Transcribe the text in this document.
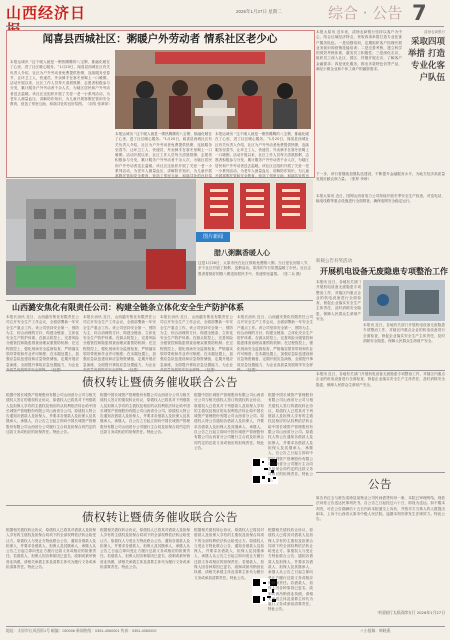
山西经济日	2026年1月27日 星期二	综合 · 公告 7
闻喜县西城社区：粥暖户外劳动者 情系社区老少心
本报运城讯 “这个暖人就是一粥热腾腾的八宝粥，都融化暖在了心里，进了社区暖心服务。”1月20日，闻喜县西城社区有关负责人介绍，社区为户外劳动者免费提供热粥，连续服务至春节，让环卫工人、快递员、外卖骑手在寒冬里喝上一口暖粥。活动开展以来，社区工作人员每天清晨熬粥，志愿者积极参与分发，累计服务户外劳动者千余人次，为辖区居民和户外劳动者送去温暖。该社区还组织开展了关爱一老一小系列活动，为老年人测量血压、讲解防诈知识，为儿童开展寒假托管和安全教育，营造了邻里互助、和谐共处的良好氛围。（刘茂 张翠萍）
本报运城讯 “这个暖人就是一粥热腾腾的八宝粥，都融化暖在了心里，进了社区暖心服务。”1月20日，闻喜县西城社区有关负责人介绍，社区为户外劳动者免费提供热粥，连续服务至春节，让环卫工人、快递员、外卖骑手在寒冬里喝上一口暖粥。活动开展以来，社区工作人员每天清晨熬粥，志愿者积极参与分发，累计服务户外劳动者千余人次，为辖区居民和户外劳动者送去温暖。该社区还组织开展了关爱一老一小系列活动，为老年人测量血压、讲解防诈知识，为儿童开展寒假托管和安全教育，营造了邻里互助、和谐共处的良好氛
本报运城讯 “这个暖人就是一粥热腾腾的八宝粥，都融化暖在了心里，进了社区暖心服务。”1月20日，闻喜县西城社区有关负责人介绍，社区为户外劳动者免费提供热粥，连续服务至春节，让环卫工人、快递员、外卖骑手在寒冬里喝上一口暖粥。活动开展以来，社区工作人员每天清晨熬粥，志愿者积极参与分发，累计服务户外劳动者千余人次，为辖区居民和户外劳动者送去温暖。该社区还组织开展了关爱一老一小系列活动，为老年人测量血压、讲解防诈知识，为儿童开展寒假托管和安全教育，营造了邻里互助、和谐共处的良
图片新闻
腊八粥飘香暖人心
这是1月26日，太原市民在社区领取免费腊八粥。当日是农历腊八节，多个社区开展了熬粥、送粥活动，浓浓的节日氛围温暖了市民。社区志愿者将熬好的腊八粥送到居民手中，传递邻里温情。（张二兵 摄）
清徐农商银行
采取四项举措 打造专业化客户队伍
本报太原讯 近年来，清徐农商银行坚持以客户为中心，结合区域经济特点，采取四项举措打造专业化客户服务队伍。一是加强培训，定期组织客户经理开展业务知识和营销技能培训；二是完善考核，建立科学的绩效考核体系，激发员工积极性；三是深化走访，组织员工深入社区、园区、村镇开展走访，了解客户金融需求；四是优化服务，推出多款特色信贷产品，满足小微企业和个体工商户的融资需求。
下一步，该行将继续加强队伍建设，不断提升金融服务水平，为地方经济高质量发展贡献农商力量。（张梓 李珍）
本报太原讯 近日，国网山西省电力公司持续开展冬季安全生产检查，对变电站、输电线路等重点设施进行全面排查，确保电网安全稳定运行。
转载公告有奖活动
开展机电设备无废隐患专项整治工作
本报讯 近日，各地有关部门开展机电设备无废隐患专项整治工作，对辖区内重点企业的机电设备进行全面检查，督促企业落实安全生产主体责任，及时消除安全隐患，保障人民群众生命财产安全。
本报讯 近日，各地有关部门开展机电设备无废隐患专项整治工作，对辖区内重点企业的机电设备进行全面检查，督促企业落实安全生产主体责任，及时消除安全隐患，保障人民群众生命财产安全。
山西潞安焦化有限责任公司：构建全链条立体化安全生产防护体系
本报长治讯 近日，山西潞安焦化有限责任公司召开安全生产工作会议，全面部署新一年安全生产重点工作。该公司坚持安全第一、预防为主、综合治理的方针，构建全链条、立体化安全生产防护体系。在源头防控上，完善风险分级管控和隐患排查治理双重预防机制；在过程管控上，强化现场安全监督检查，严格落实领导带班和作业许可制度；在末端处置上，加强应急队伍建设和应急物资储备，定期开展应急演练，全面提升事故应急处置能力，为企业
本报长治讯 近日，山西潞安焦化有限责任公司召开安全生产工作会议，全面部署新一年安全生产重点工作。该公司坚持安全第一、预防为主、综合治理的方针，构建全链条、立体化安全生产防护体系。在源头防控上，完善风险分级管控和隐患排查治理双重预防机制；在过程管控上，强化现场安全监督检查，严格落实领导带班和作业许可制度；在末端处置上，加强应急队伍建设和应急物资储备，定期开展应急演练，全面提升事故应急处置能力，为企业
本报长治讯 近日，山西潞安焦化有限责任公司召开安全生产工作会议，全面部署新一年安全生产重点工作。该公司坚持安全第一、预防为主、综合治理的方针，构建全链条、立体化安全生产防护体系。在源头防控上，完善风险分级管控和隐患排查治理双重预防机制；在过程管控上，强化现场安全监督检查，严格落实领导带班和作业许可制度；在末端处置上，加强应急队伍建设和应急物资储备，定期开展应急演练，全面提升事故应急处置能力，为企业
本报长治讯 近日，山西潞安焦化有限责任公司召开安全生产工作会议，全面部署新一年安全生产重点工作。该公司坚持安全第一、预防为主、综合治理的方针，构建全链条、立体化安全生产防护体系。在源头防控上，完善风险分级管控和隐患排查治理双重预防机制；在过程管控上，强化现场安全监督检查，严格落实领导带班和作业许可制度；在末端处置上，加强应急队伍建设和应急物资储备，定期开展应急演练，全面提升事故应急处置能力，为企业高质量发展筑牢安全屏
债权转让暨债务催收联合公告
根据中国长城资产管理股份有限公司山西省分公司与相关债权人签订的债权转让协议，原债权人已将其对下列借款人及担保人享有的主债权及相应的从权利依法转让给中国长城资产管理股份有限公司山西省分公司。原债权人特公告通知各借款人及担保人，并要求各借款人及担保人及其继承人、承继人，自公告之日起立即向中国长城资产管理股份有限公司山西省分公司履行主合同及担保合同约定的还款义务或相应的担保责任。特此公告。
根据中国长城资产管理股份有限公司山西省分公司与相关债权人签订的债权转让协议，原债权人已将其对下列借款人及担保人享有的主债权及相应的从权利依法转让给中国长城资产管理股份有限公司山西省分公司。原债权人特公告通知各借款人及担保人，并要求各借款人及担保人及其继承人、承继人，自公告之日起立即向中国长城资产管理股份有限公司山西省分公司履行主合同及担保合同约定的还款义务或相应的担保责任。特此公告。
根据中国长城资产管理股份有限公司山西省分公司与相关债权人签订的债权转让协议，原债权人已将其对下列借款人及担保人享有的主债权及相应的从权利依法转让给中国长城资产管理股份有限公司山西省分公司。原债权人特公告通知各借款人及担保人，并要求各借款人及担保人及其继承人、承继人，自公告之日起立即向中国长城资产管理股份有限公司山西省分公司履行主合同及担保合同约定的还款义务或相应的担保责任。特此公告。
根据中国长城资产管理股份有限公司山西省分公司与相关债权人签订的债权转让协议，原债权人已将其对下列借款人及担保人享有的主债权及相应的从权利依法转让给中国长城资产管理股份有限公司山西省分公司。原债权人特公告通知各借款人及担保人，并要求各借款人及担保人及其继承人、承继人，自公告之日起立即向中国长城资产管理股份有限公司山西省分公司履行主合同及担保合同约定的还款义务或相应的担保责任。特此公告。
债权转让暨债务催收联合公告
根据相关债权转让协议，原债权人已将其对借款人及担保人享有的主债权及担保合同项下的全部权利依法转让给受让方。原债权人与受让方特此联合公告，通知各借款人及担保人，并要求各借款人、担保人及其继承人、承继人从公告之日起立即向受让方履行还款义务或相应的担保责任。若借款人、担保人因各种原因已更名、改制或被吊销营业执照，请相关承债主体及清算主体代为履行义务或承担清算责任。特此公告。
根据相关债权转让协议，原债权人已将其对借款人及担保人享有的主债权及担保合同项下的全部权利依法转让给受让方。原债权人与受让方特此联合公告，通知各借款人及担保人，并要求各借款人、担保人及其继承人、承继人从公告之日起立即向受让方履行还款义务或相应的担保责任。若借款人、担保人因各种原因已更名、改制或被吊销营业执照，请相关承债主体及清算主体代为履行义务或承担清算责任。特此公告。
根据相关债权转让协议，原债权人已将其对借款人及担保人享有的主债权及担保合同项下的全部权利依法转让给受让方。原债权人与受让方特此联合公告，通知各借款人及担保人，并要求各借款人、担保人及其继承人、承继人从公告之日起立即向受让方履行还款义务或相应的担保责任。若借款人、担保人因各种原因已更名、改制或被吊销营业执照，请相关承债主体及清算主体代为履行义务或承担清算责任。特此公告。
根据相关债权转让协议，原债权人已将其对借款人及担保人享有的主债权及担保合同项下的全部权利依法转让给受让方。原债权人与受让方特此联合公告，通知各借款人及担保人，并要求各借款人、担保人及其继承人、承继人从公告之日起立即向受让方履行还款义务或相应的担保责任。若借款人、担保人因各种原因已更名、改制或被吊销营业执照，请相关承债主体及清算主体代为履行义务或承担清算责任。特此公告。
本报讯 近日，各地有关部门开展机电设备无废隐患专项整治工作，对辖区内重点企业的机电设备进行全面检查，督促企业落实安全生产主体责任，及时消除安全隐患，保障人民群众生命财产安全。
公告
原告肖红玉与被告清徐县某物业公司民间借贷纠纷一案，本院已审理终结。现依法向你公告送达民事判决书。自公告之日起经过六十日，即视为送达。如不服本判决，可在公告期满后十五日内向本院递交上诉状，并按对方当事人的人数提出副本，上诉于山西省太原市中级人民法院。逾期本判决即发生法律效力。特此公告。
中国银行太原清徐支行 2026年1月27日
地址：太原市长风西街1号 邮编：030006 新闻热线：0351-4060001 传真：0351-4060002	八小组稿：韩晓燕
